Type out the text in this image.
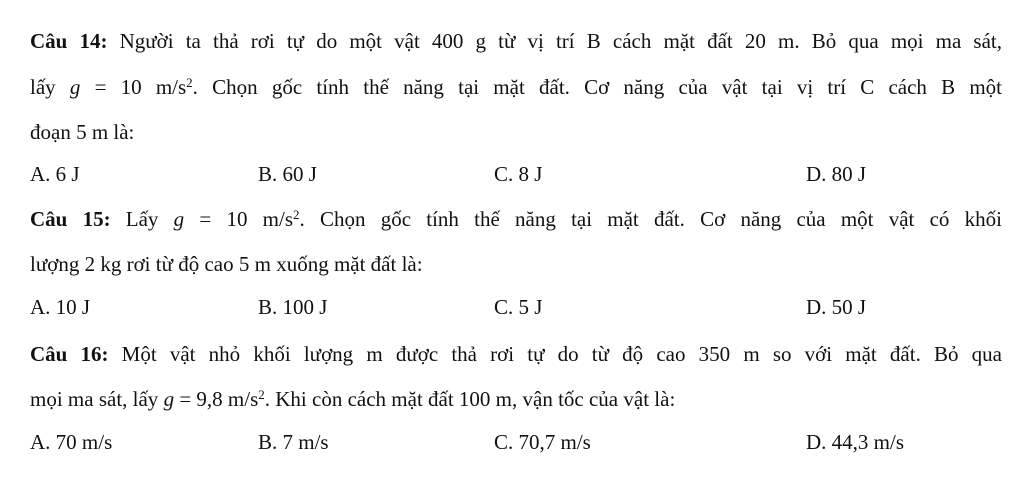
Câu 14: Người ta thả rơi tự do một vật 400 g từ vị trí B cách mặt đất 20 m. Bỏ qua mọi ma sát,
lấy g = 10 $m/s^2$. Chọn gốc tính thế năng tại mặt đất. Cơ năng của vật tại vị trí C cách B một
đoạn 5 m là:
A. 6 J	B. 60 J	C. 8 J	D. 80 J
Câu 15: Lấy g = 10 $m/s^2$. Chọn gốc tính thế năng tại mặt đất. Cơ năng của một vật có khối
lượng 2 kg rơi từ độ cao 5 m xuống mặt đất là:
A. 10 J	B. 100 J	C. 5 J	D. 50 J
Câu 16: Một vật nhỏ khối lượng m được thả rơi tự do từ độ cao 350 m so với mặt đất. Bỏ qua
mọi ma sát, lấy g = 9,8 $m/s^2$. Khi còn cách mặt đất 100 m, vận tốc của vật là:
A. 70 m/s	B. 7 m/s	C. 70,7 m/s	D. 44,3 m/s
